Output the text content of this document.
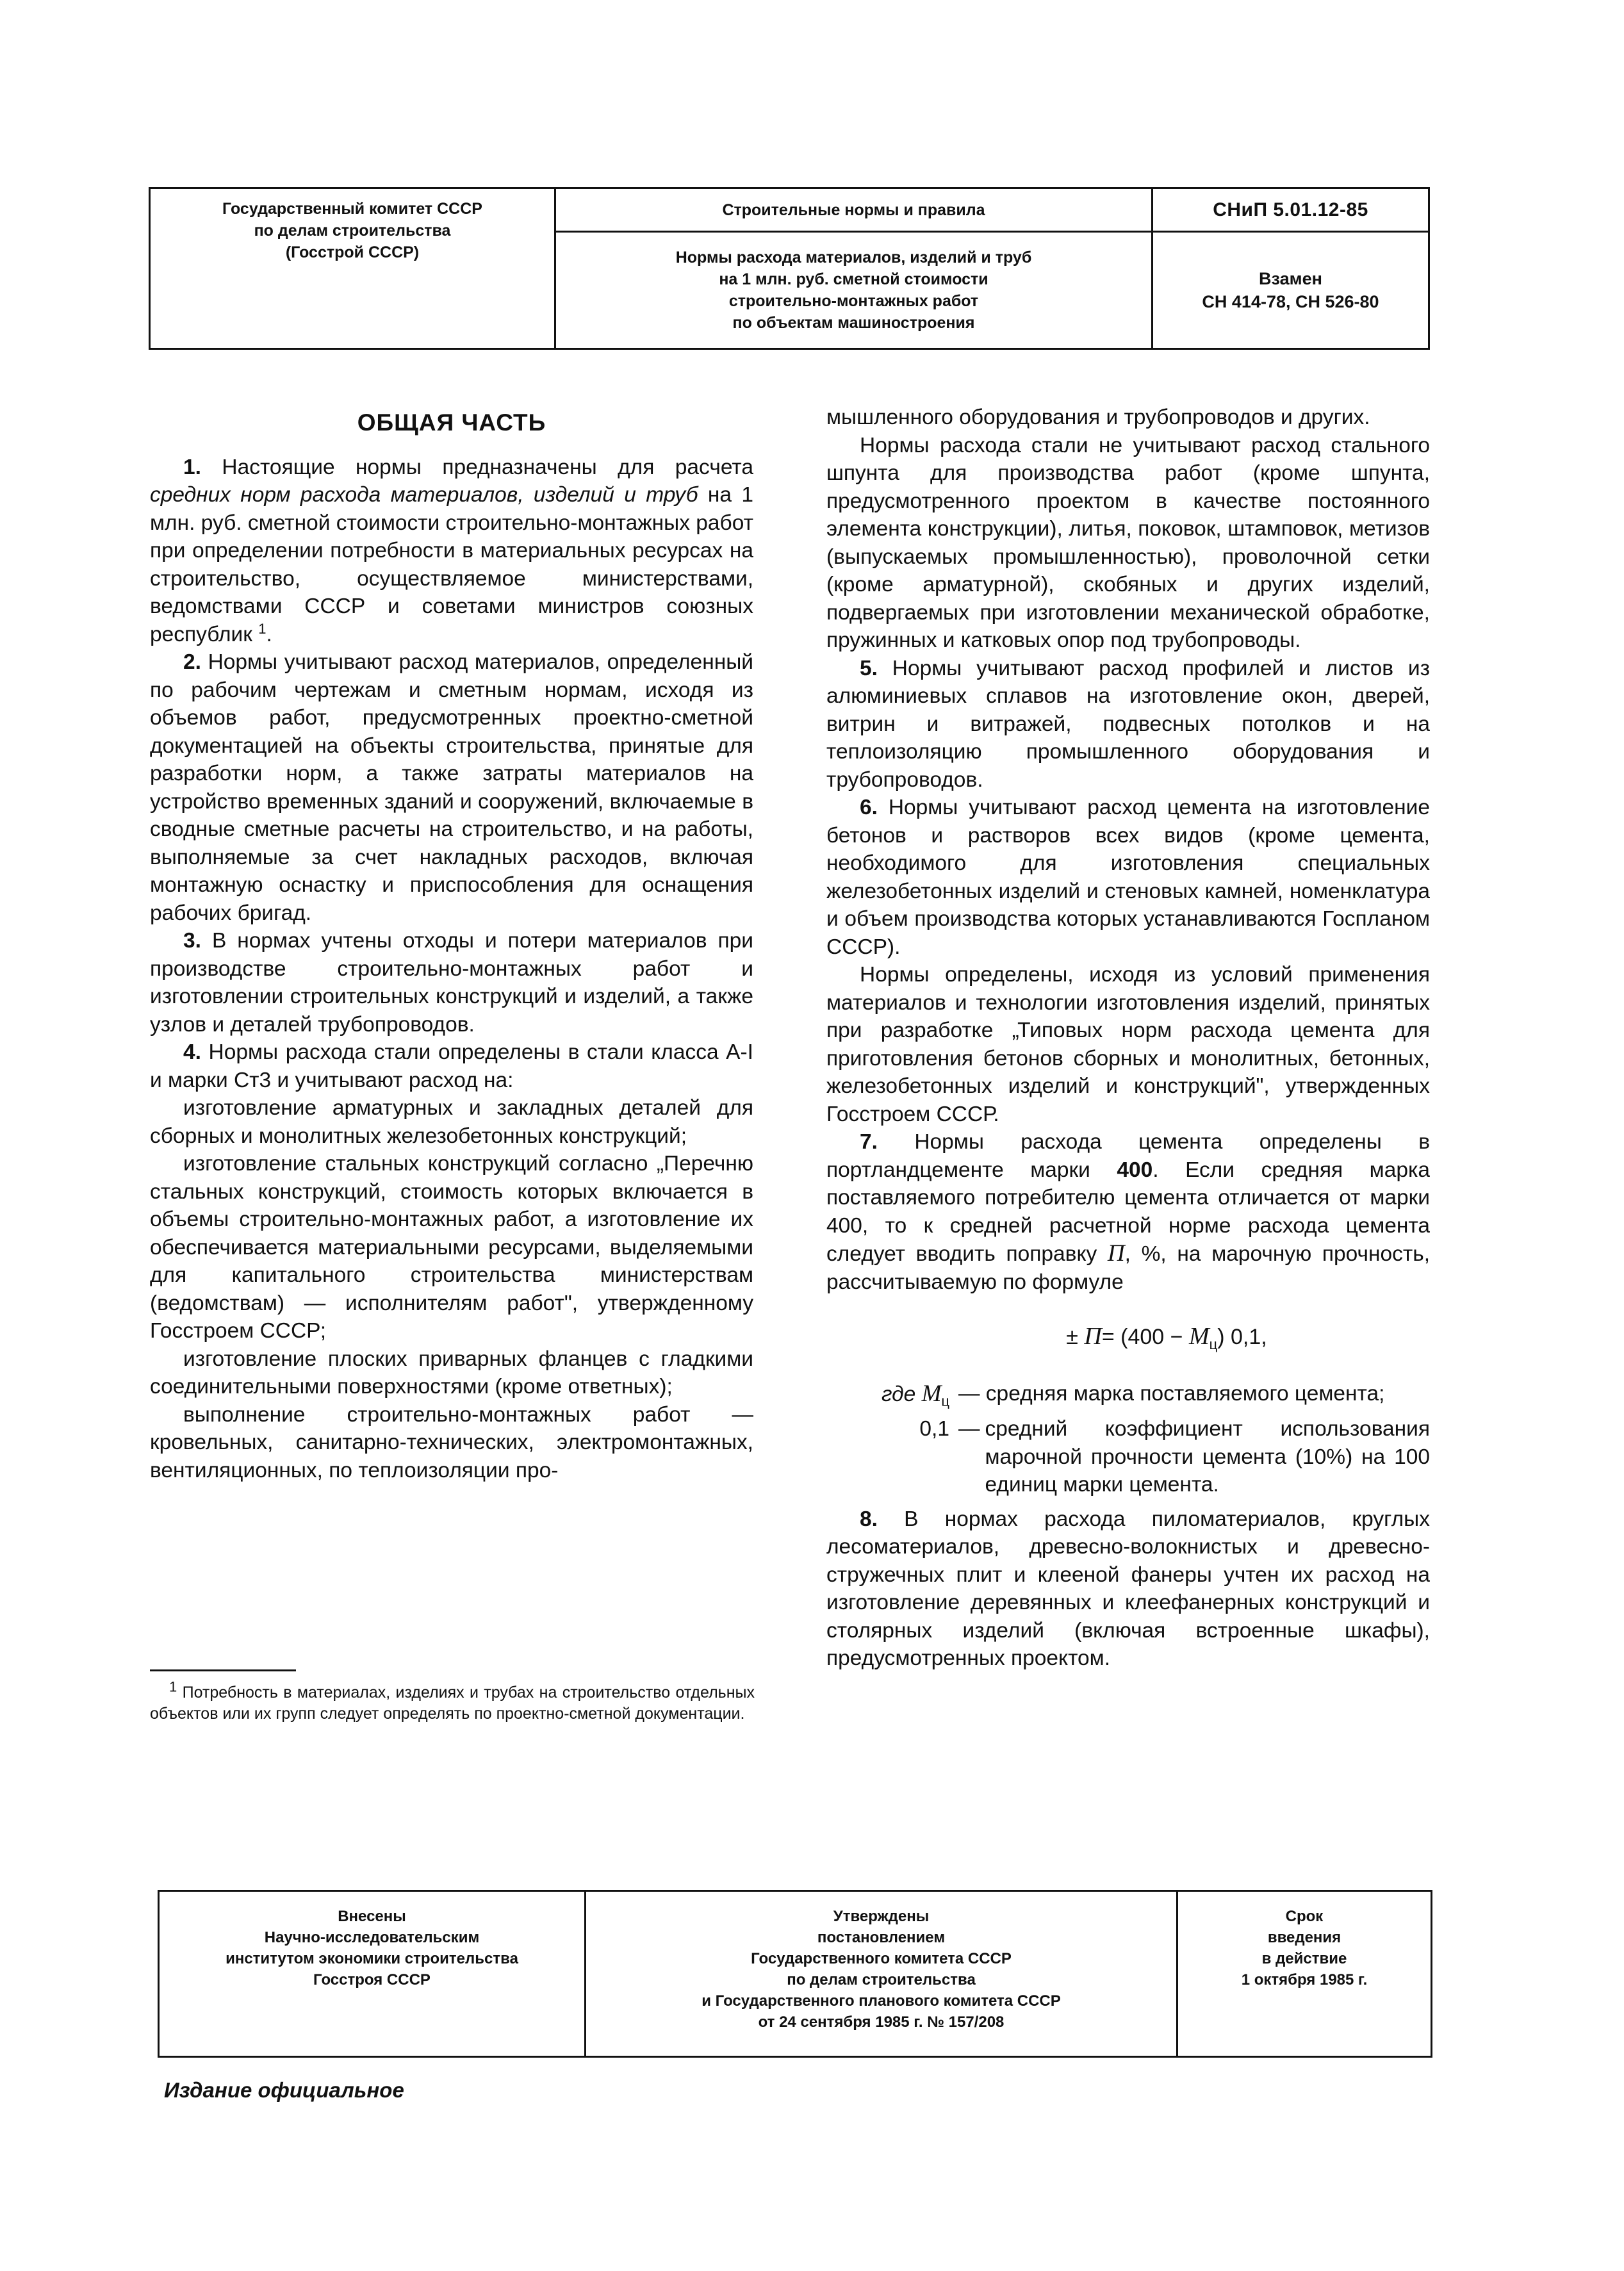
Государственный комитет СССР
по делам строительства
(Госстрой СССР)
Строительные нормы и правила
Нормы расхода материалов, изделий и труб
на 1 млн. руб. сметной стоимости
строительно-монтажных работ
по объектам машиностроения
СНиП 5.01.12-85
Взамен
СН 414-78, СН 526-80
ОБЩАЯ ЧАСТЬ

1. Настоящие нормы предназначены для расчета средних норм расхода материалов, изделий и труб на 1 млн. руб. сметной стоимости строительно-монтажных работ при определении потребности в материальных ресурсах на строительство, осуществляемое министерствами, ведомствами СССР и советами министров союзных республик $^1$.

2. Нормы учитывают расход материалов, определенный по рабочим чертежам и сметным нормам, исходя из объемов работ, предусмотренных проектно-сметной документацией на объекты строительства, принятые для разработки норм, а также затраты материалов на устройство временных зданий и сооружений, включаемые в сводные сметные расчеты на строительство, и на работы, выполняемые за счет накладных расходов, включая монтажную оснастку и приспособления для оснащения рабочих бригад.

3. В нормах учтены отходы и потери материалов при производстве строительно-монтажных работ и изготовлении строительных конструкций и изделий, а также узлов и деталей трубопроводов.

4. Нормы расхода стали определены в стали класса А-I и марки Ст3 и учитывают расход на:

изготовление арматурных и закладных деталей для сборных и монолитных железобетонных конструкций;

изготовление стальных конструкций согласно „Перечню стальных конструкций, стоимость которых включается в объемы строительно-монтажных работ, а изготовление их обеспечивается материальными ресурсами, выделяемыми для капитального строительства министерствам (ведомствам) — исполнителям работ", утвержденному Госстроем СССР;

изготовление плоских приварных фланцев с гладкими соединительными поверхностями (кроме ответных);

выполнение строительно-монтажных работ — кровельных, санитарно-технических, электромонтажных, вентиляционных, по теплоизоляции про-

$^1$ Потребность в материалах, изделиях и трубах на строительство отдельных объектов или их групп следует определять по проектно-сметной документации.

мышленного оборудования и трубопроводов и других.

Нормы расхода стали не учитывают расход стального шпунта для производства работ (кроме шпунта, предусмотренного проектом в качестве постоянного элемента конструкции), литья, поковок, штамповок, метизов (выпускаемых промышленностью), проволочной сетки (кроме арматурной), скобяных и других изделий, подвергаемых при изготовлении механической обработке, пружинных и катковых опор под трубопроводы.

5. Нормы учитывают расход профилей и листов из алюминиевых сплавов на изготовление окон, дверей, витрин и витражей, подвесных потолков и на теплоизоляцию промышленного оборудования и трубопроводов.

6. Нормы учитывают расход цемента на изготовление бетонов и растворов всех видов (кроме цемента, необходимого для изготовления специальных железобетонных изделий и стеновых камней, номенклатура и объем производства которых устанавливаются Госпланом СССР).

Нормы определены, исходя из условий применения материалов и технологии изготовления изделий, принятых при разработке „Типовых норм расхода цемента для приготовления бетонов сборных и монолитных, бетонных, железобетонных изделий и конструкций", утвержденных Госстроем СССР.

7. Нормы расхода цемента определены в портландцементе марки 400. Если средняя марка поставляемого потребителю цемента отличается от марки 400, то к средней расчетной норме расхода цемента следует вводить поправку П, %, на марочную прочность, рассчитываемую по формуле

± $П= (400 - М_ц)$ 0,1,
где $М_ц$ — средняя марка поставляемого цемента;
0,1 — средний коэффициент использования марочной прочности цемента (10%) на 100 единиц марки цемента.

8. В нормах расхода пиломатериалов, круглых лесоматериалов, древесно-волокнистых и древесно-стружечных плит и клееной фанеры учтен их расход на изготовление деревянных и клеефанерных конструкций и столярных изделий (включая встроенные шкафы), предусмотренных проектом.

Внесены
Научно-исследовательским
институтом экономики строительства
Госстроя СССР
Утверждены
постановлением
Государственного комитета СССР
по делам строительства
и Государственного планового комитета СССР
от 24 сентября 1985 г. № 157/208
Срок
введения
в действие
1 октября 1985 г.
Издание официальное
